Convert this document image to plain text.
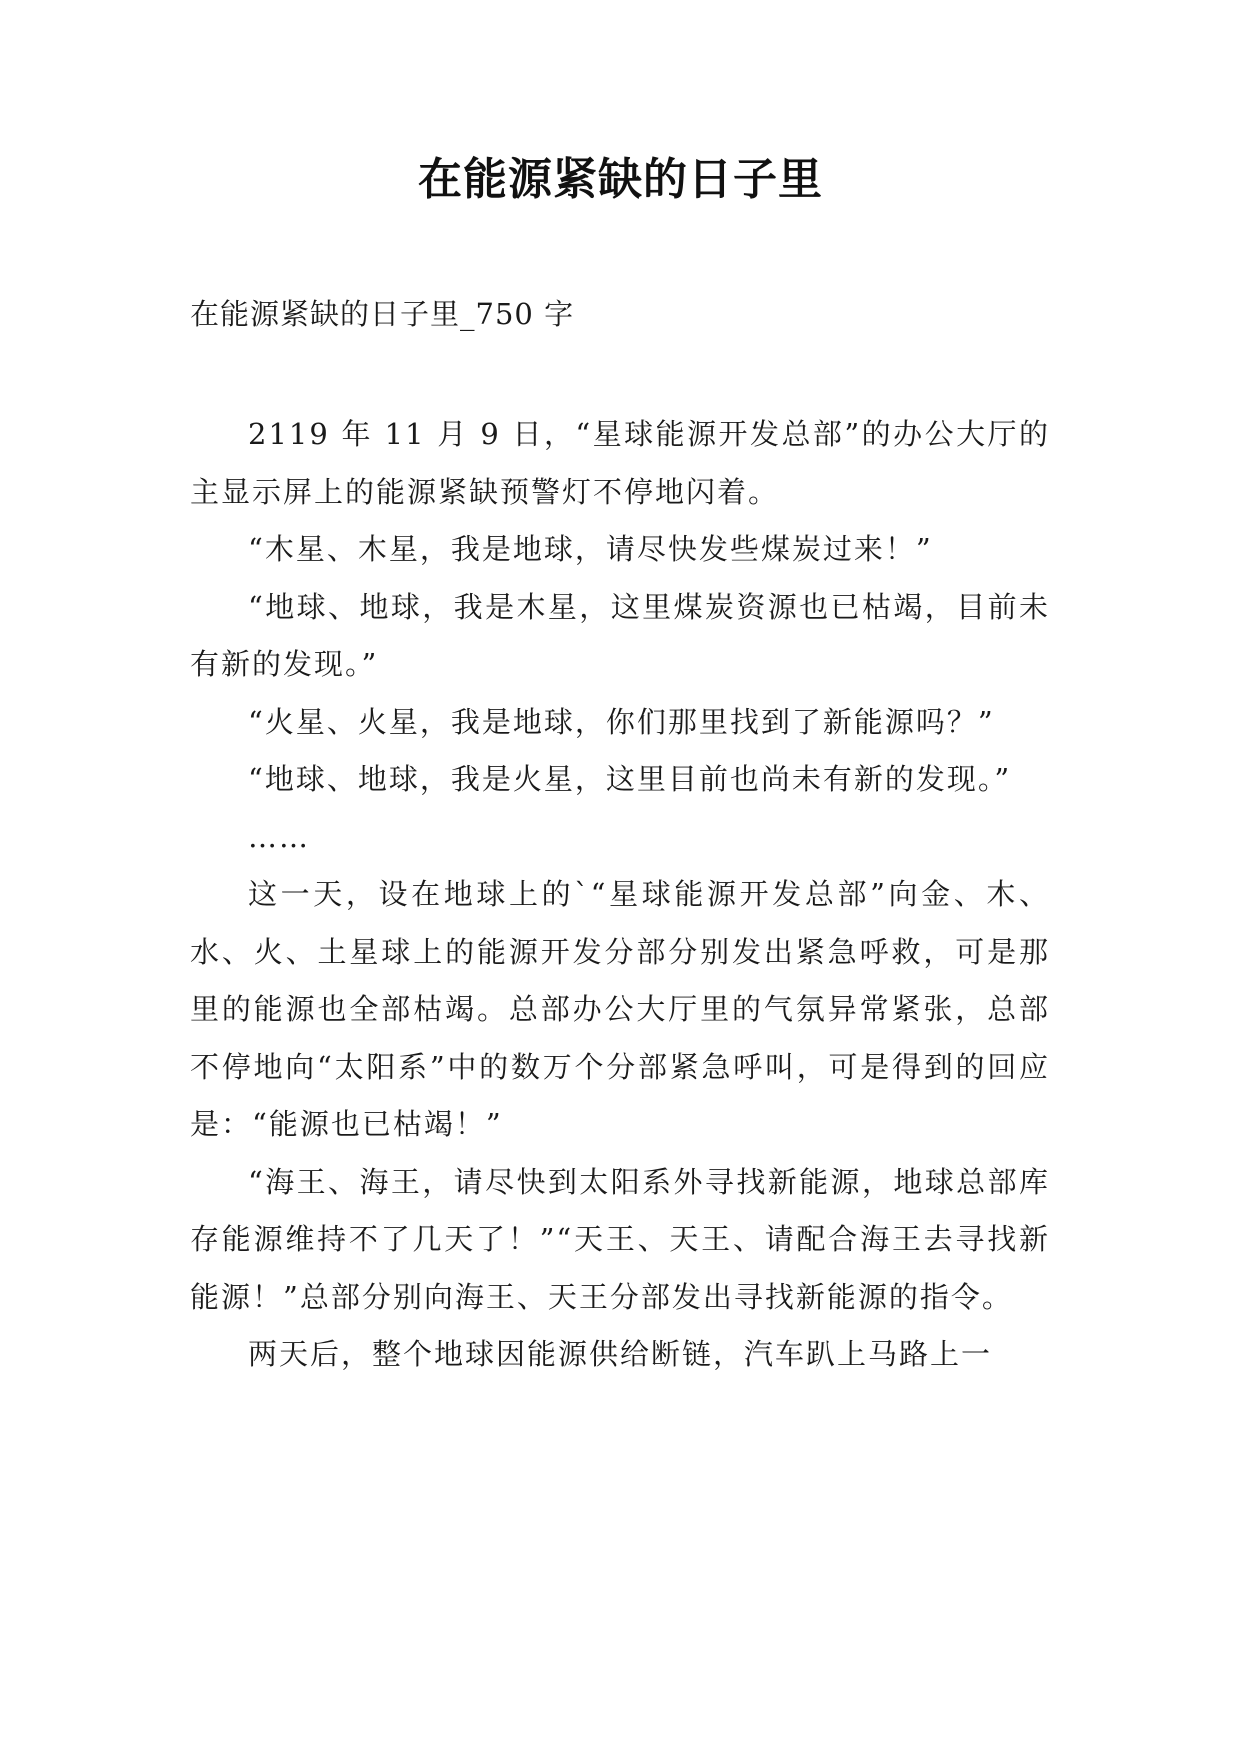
在能源紧缺的日子里
在能源紧缺的日子里_750 字

2119 年 11 月 9 日，“星球能源开发总部”的办公大厅的主显示屏上的能源紧缺预警灯不停地闪着。

“木星、木星，我是地球，请尽快发些煤炭过来！”

“地球、地球，我是木星，这里煤炭资源也已枯竭，目前未有新的发现。”

“火星、火星，我是地球，你们那里找到了新能源吗？”

“地球、地球，我是火星，这里目前也尚未有新的发现。”

……

这一天，设在地球上的`“星球能源开发总部”向金、木、水、火、土星球上的能源开发分部分别发出紧急呼救，可是那里的能源也全部枯竭。总部办公大厅里的气氛异常紧张，总部不停地向“太阳系”中的数万个分部紧急呼叫，可是得到的回应是：“能源也已枯竭！”

“海王、海王，请尽快到太阳系外寻找新能源，地球总部库存能源维持不了几天了！”“天王、天王、请配合海王去寻找新能源！”总部分别向海王、天王分部发出寻找新能源的指令。

两天后，整个地球因能源供给断链，汽车趴上马路上一
